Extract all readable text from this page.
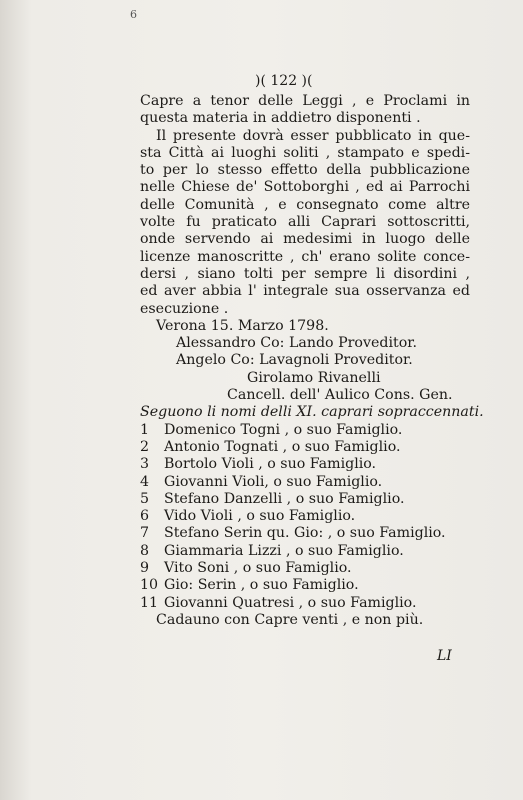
6
)( 122 )(
Capre a tenor delle Leggi , e Proclami in
questa materia in addietro disponenti .
Il presente dovrà esser pubblicato in que-
sta Città ai luoghi soliti , stampato e spedi-
to per lo stesso effetto della pubblicazione
nelle Chiese de' Sottoborghi , ed ai Parrochi
delle Comunità , e consegnato come altre
volte fu praticato alli Caprari sottoscritti,
onde servendo ai medesimi in luogo delle
licenze manoscritte , ch' erano solite conce-
dersi , siano tolti per sempre li disordini ,
ed aver abbia l' integrale sua osservanza ed
esecuzione .
Verona 15. Marzo 1798.
Alessandro Co: Lando Proveditor.
Angelo Co: Lavagnoli Proveditor.
Girolamo Rivanelli
Cancell. dell' Aulico Cons. Gen.
Seguono li nomi delli XI. caprari sopraccennati.
1 Domenico Togni , o suo Famiglio.
2 Antonio Tognati , o suo Famiglio.
3 Bortolo Violi , o suo Famiglio.
4 Giovanni Violi, o suo Famiglio.
5 Stefano Danzelli , o suo Famiglio.
6 Vido Violi , o suo Famiglio.
7 Stefano Serin qu. Gio: , o suo Famiglio.
8 Giammaria Lizzi , o suo Famiglio.
9 Vito Soni , o suo Famiglio.
10 Gio: Serin , o suo Famiglio.
11 Giovanni Quatresi , o suo Famiglio.
Cadauno con Capre venti , e non più.
LI
